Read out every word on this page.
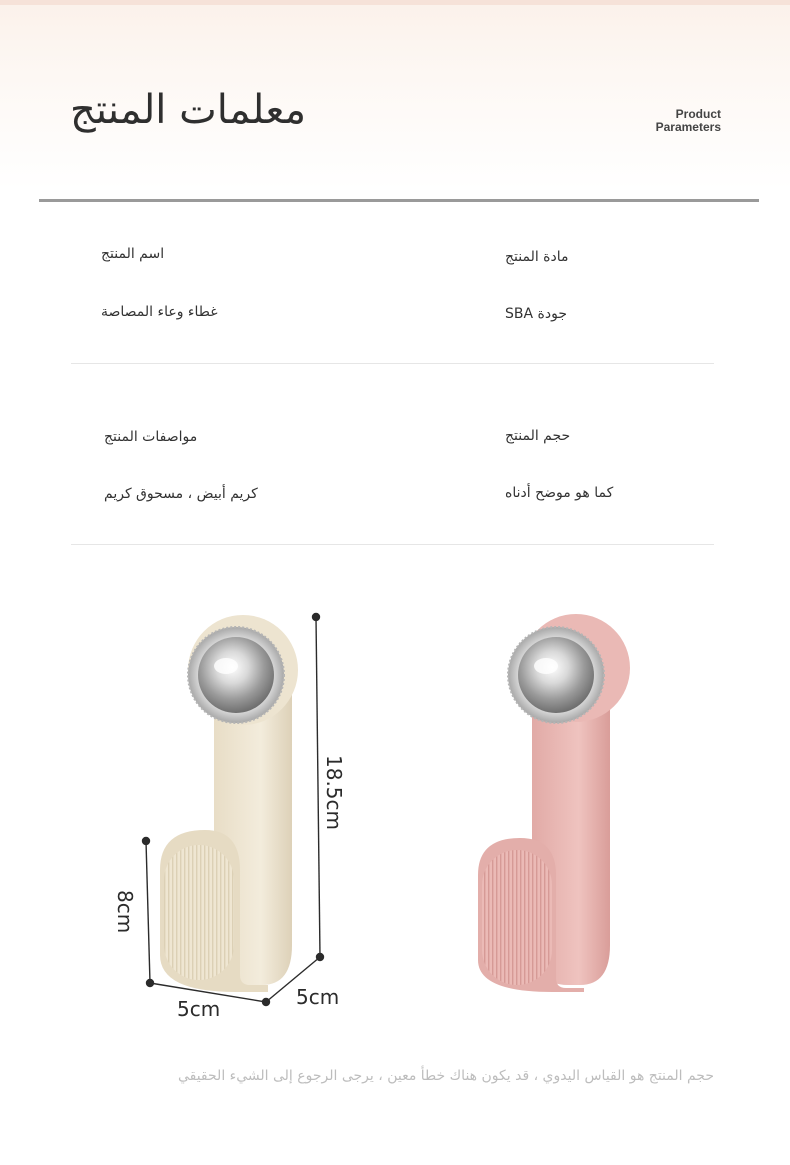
معلمات المنتج	Product
Parameters
اسم المنتج	مادة المنتج
غطاء وعاء المصاصة	جودة SBA
مواصفات المنتج	حجم المنتج
كريم أبيض ، مسحوق كريم	كما هو موضح أدناه
18.5cm
8cm
5cm	5cm
حجم المنتج هو القياس اليدوي ، قد يكون هناك خطأ معين ، يرجى الرجوع إلى الشيء الحقيقي
